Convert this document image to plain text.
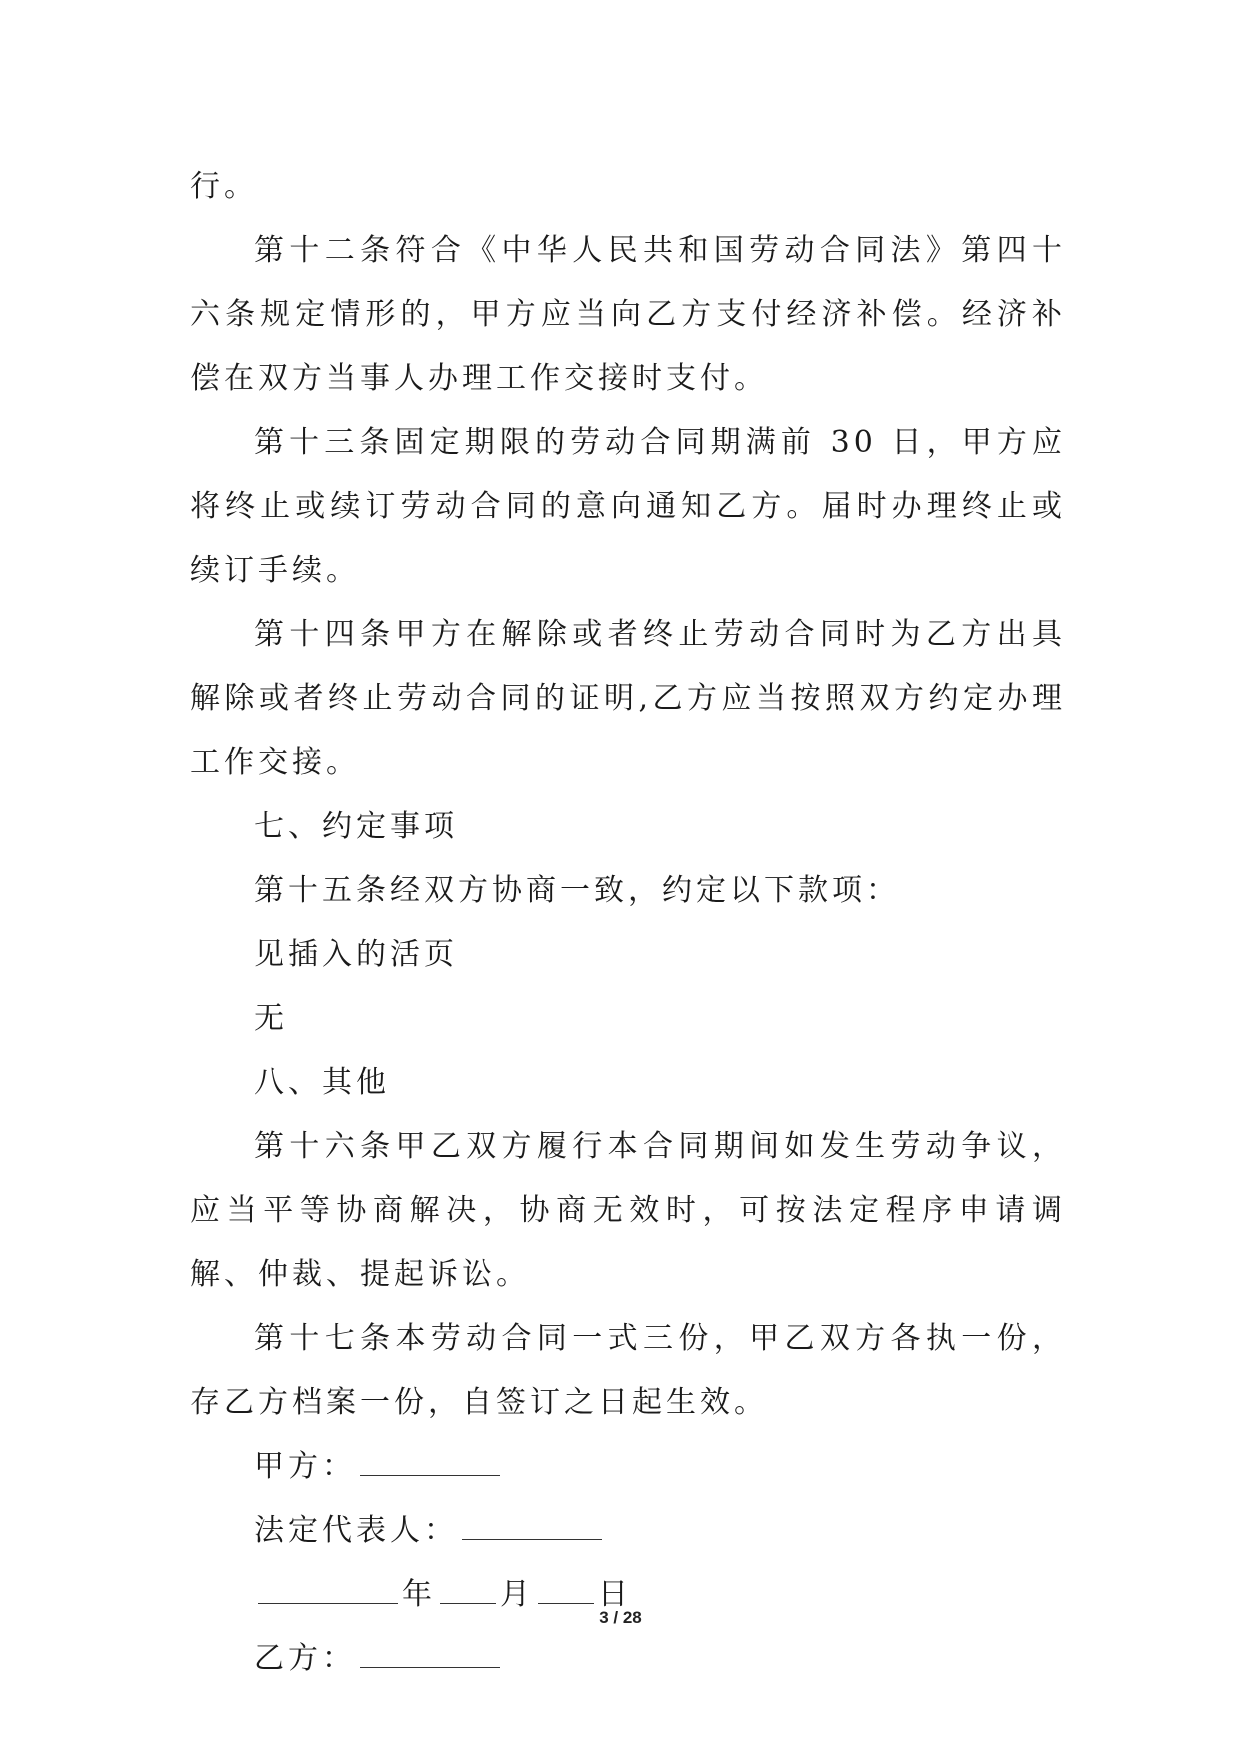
行。

第十二条符合《中华人民共和国劳动合同法》第四十六条规定情形的，甲方应当向乙方支付经济补偿。经济补偿在双方当事人办理工作交接时支付。

第十三条固定期限的劳动合同期满前 30 日，甲方应将终止或续订劳动合同的意向通知乙方。届时办理终止或续订手续。

第十四条甲方在解除或者终止劳动合同时为乙方出具解除或者终止劳动合同的证明,乙方应当按照双方约定办理工作交接。

七、约定事项

第十五条经双方协商一致，约定以下款项：

见插入的活页

无

八、其他

第十六条甲乙双方履行本合同期间如发生劳动争议，应当平等协商解决，协商无效时，可按法定程序申请调解、仲裁、提起诉讼。

第十七条本劳动合同一式三份，甲乙双方各执一份，存乙方档案一份，自签订之日起生效。

甲方：
法定代表人：
年 月 日
乙方：
3 / 28
